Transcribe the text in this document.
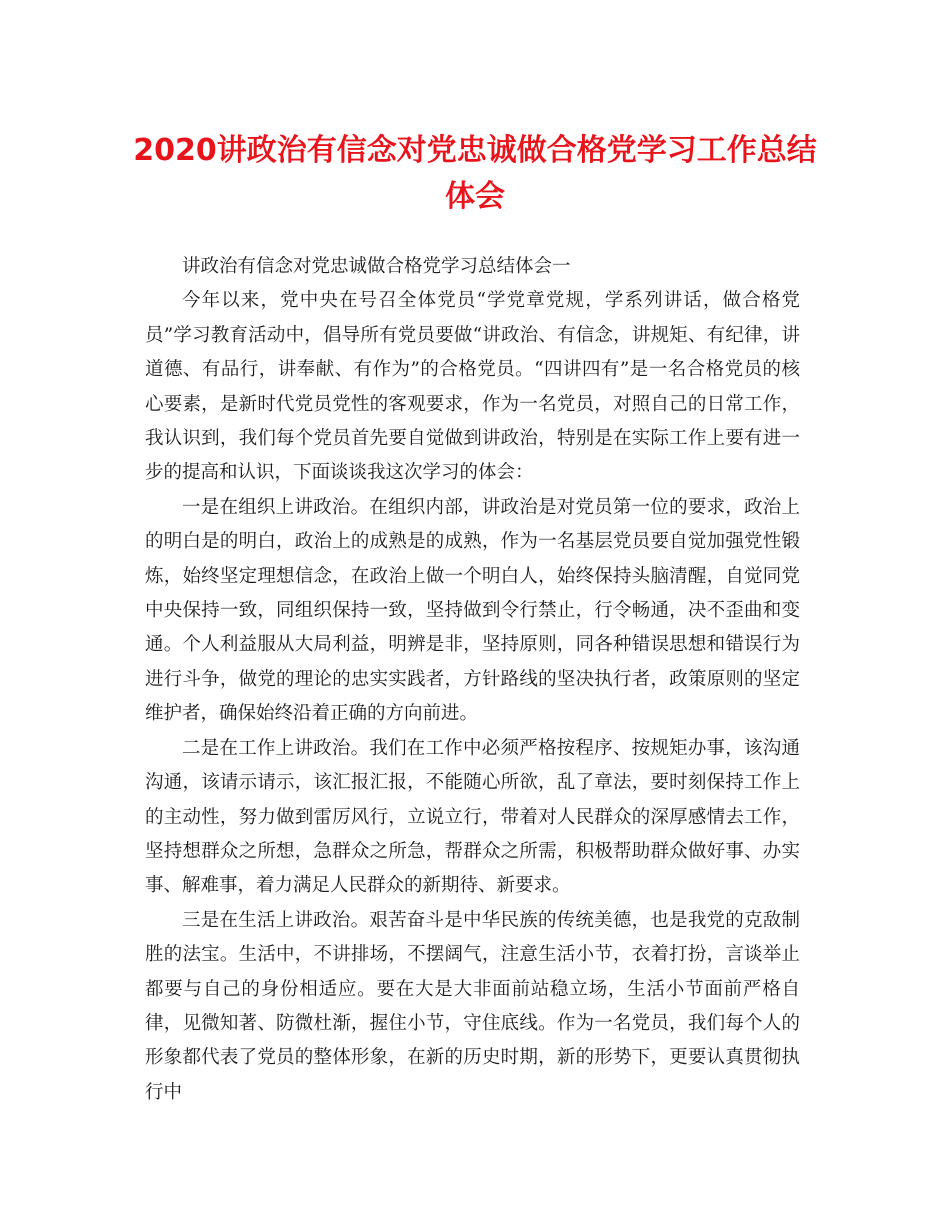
2020讲政治有信念对党忠诚做合格党学习工作总结体会

讲政治有信念对党忠诚做合格党学习总结体会一

今年以来，党中央在号召全体党员“学党章党规，学系列讲话，做合格党员”学习教育活动中，倡导所有党员要做“讲政治、有信念，讲规矩、有纪律，讲道德、有品行，讲奉献、有作为”的合格党员。“四讲四有”是一名合格党员的核心要素，是新时代党员党性的客观要求，作为一名党员，对照自己的日常工作，我认识到，我们每个党员首先要自觉做到讲政治，特别是在实际工作上要有进一步的提高和认识，下面谈谈我这次学习的体会：

一是在组织上讲政治。在组织内部，讲政治是对党员第一位的要求，政治上的明白是的明白，政治上的成熟是的成熟，作为一名基层党员要自觉加强党性锻炼，始终坚定理想信念，在政治上做一个明白人，始终保持头脑清醒，自觉同党中央保持一致，同组织保持一致，坚持做到令行禁止，行令畅通，决不歪曲和变通。个人利益服从大局利益，明辨是非，坚持原则，同各种错误思想和错误行为进行斗争，做党的理论的忠实实践者，方针路线的坚决执行者，政策原则的坚定维护者，确保始终沿着正确的方向前进。

二是在工作上讲政治。我们在工作中必须严格按程序、按规矩办事，该沟通沟通，该请示请示，该汇报汇报，不能随心所欲，乱了章法，要时刻保持工作上的主动性，努力做到雷厉风行，立说立行，带着对人民群众的深厚感情去工作，坚持想群众之所想，急群众之所急，帮群众之所需，积极帮助群众做好事、办实事、解难事，着力满足人民群众的新期待、新要求。

三是在生活上讲政治。艰苦奋斗是中华民族的传统美德，也是我党的克敌制胜的法宝。生活中，不讲排场，不摆阔气，注意生活小节，衣着打扮，言谈举止都要与自己的身份相适应。要在大是大非面前站稳立场，生活小节面前严格自律，见微知著、防微杜渐，握住小节，守住底线。作为一名党员，我们每个人的形象都代表了党员的整体形象，在新的历史时期，新的形势下，更要认真贯彻执行中
